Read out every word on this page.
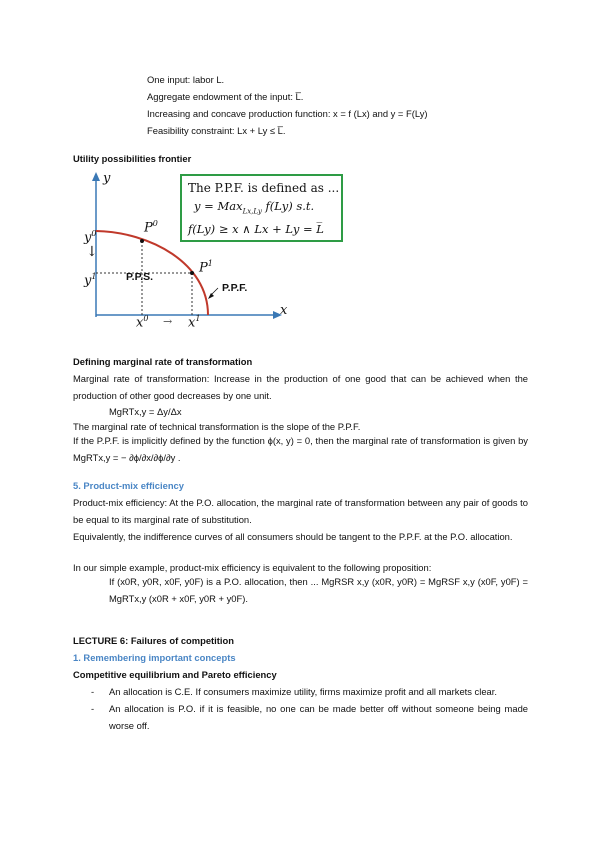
One input: labor L.
Aggregate endowment of the input: L̅.
Increasing and concave production function: x = f (Lx) and y = F(Ly)
Feasibility constraint: Lx + Ly ≤ L̅.
Utility possibilities frontier
y
x
$y^0$
↓
$y^1$
$x^0 \to x^1$
$P^0$
$P^1$
P.P.S.
P.P.F.
The P.P.F. is defined as ...
y = Max$_{Lx,Ly}$ f(Ly) s.t.
f(Ly) ≥ x ∧ Lx + Ly = L̅
Defining marginal rate of transformation
Marginal rate of transformation: Increase in the production of one good that can be achieved when the production of other good decreases by one unit.
MgRTx,y = Δy/Δx
The marginal rate of technical transformation is the slope of the P.P.F.
If the P.P.F. is implicitly defined by the function ϕ(x, y) = 0, then the marginal rate of transformation is given by MgRTx,y = − ∂ϕ/∂x/∂ϕ/∂y .
5. Product-mix efficiency
Product-mix efficiency: At the P.O. allocation, the marginal rate of transformation between any pair of goods to be equal to its marginal rate of substitution.
Equivalently, the indifference curves of all consumers should be tangent to the P.P.F. at the P.O. allocation.
In our simple example, product-mix efficiency is equivalent to the following proposition:
If (x0R, y0R, x0F, y0F) is a P.O. allocation, then ... MgRSR x,y (x0R, y0R) = MgRSF x,y (x0F, y0F) = MgRTx,y (x0R + x0F, y0R + y0F).
LECTURE 6: Failures of competition
1. Remembering important concepts
Competitive equilibrium and Pareto efficiency
- An allocation is C.E. If consumers maximize utility, firms maximize profit and all markets clear.
- An allocation is P.O. if it is feasible, no one can be made better off without someone being made worse off.
